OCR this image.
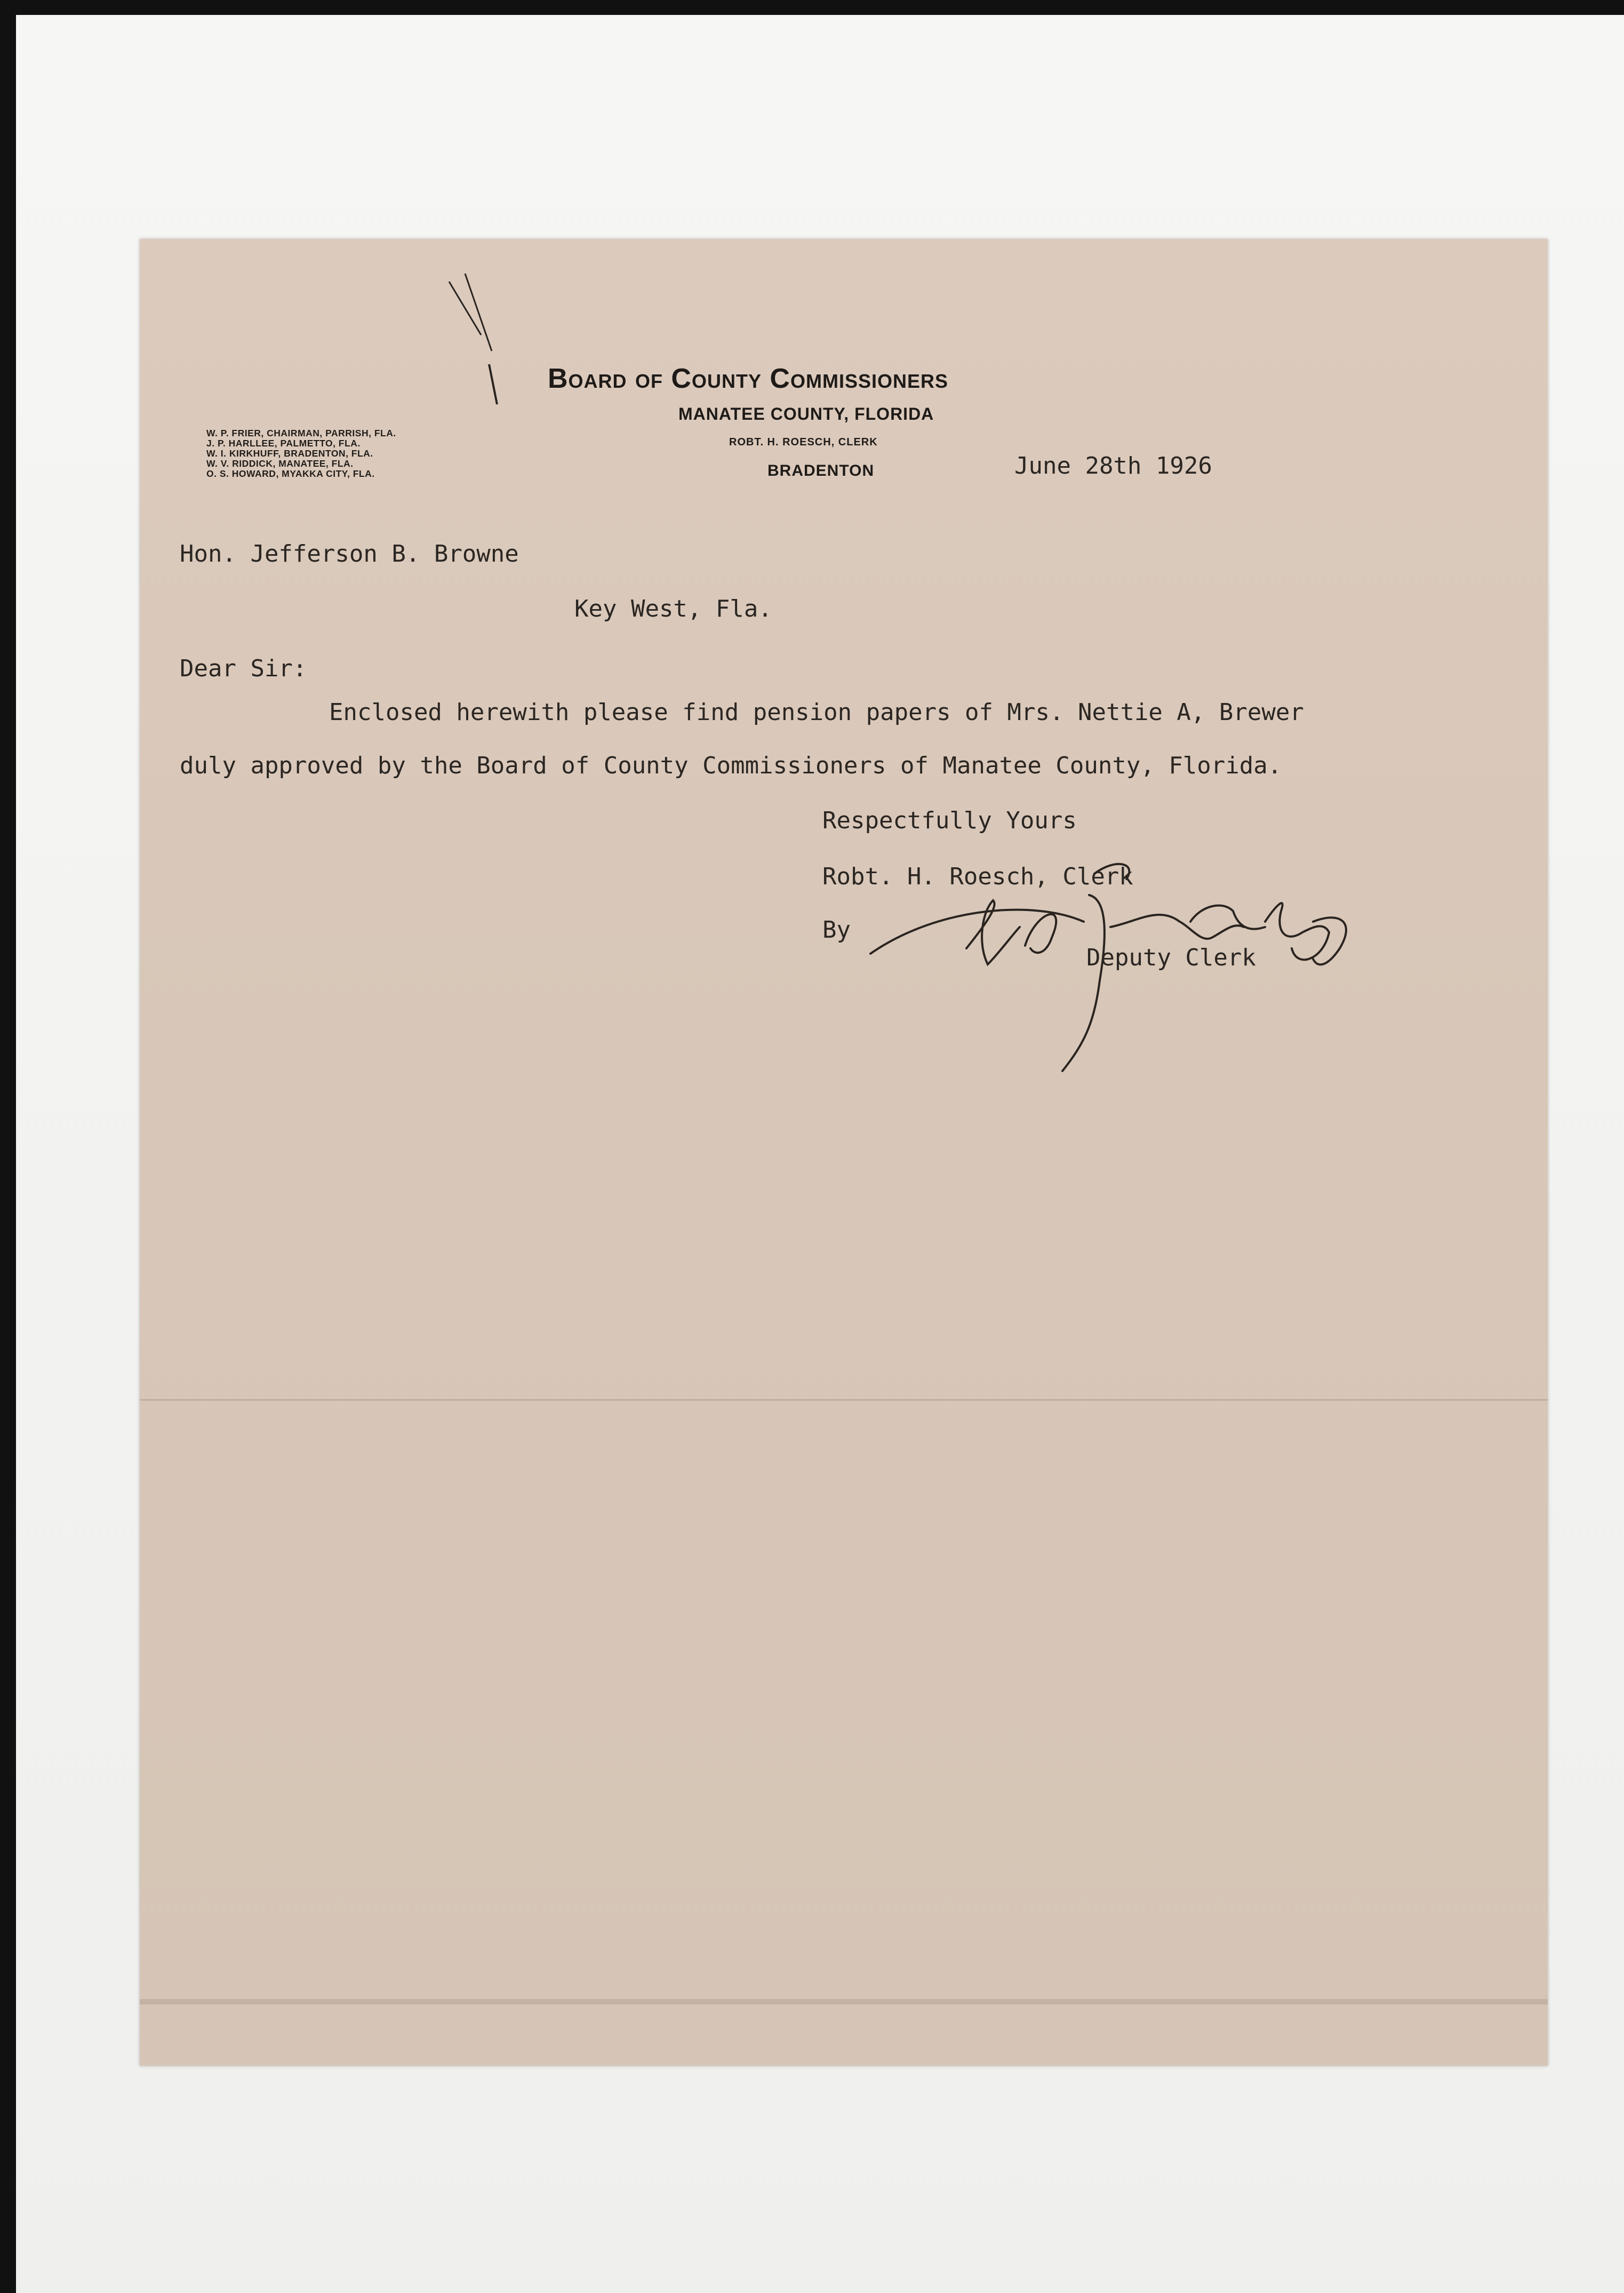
Board of County Commissioners
MANATEE COUNTY, FLORIDA
ROBT. H. ROESCH, CLERK
BRADENTON
W. P. FRIER, CHAIRMAN, PARRISH, FLA.
J. P. HARLLEE, PALMETTO, FLA.
W. I. KIRKHUFF, BRADENTON, FLA.
W. V. RIDDICK, MANATEE, FLA.
O. S. HOWARD, MYAKKA CITY, FLA.	June 28th 1926
Hon. Jefferson B. Browne
Key West, Fla.
Dear Sir:
Enclosed herewith please find pension papers of Mrs. Nettie A, Brewer
duly approved by the Board of County Commissioners of Manatee County, Florida.
Respectfully Yours
Robt. H. Roesch, Clerk
By
Deputy Clerk
